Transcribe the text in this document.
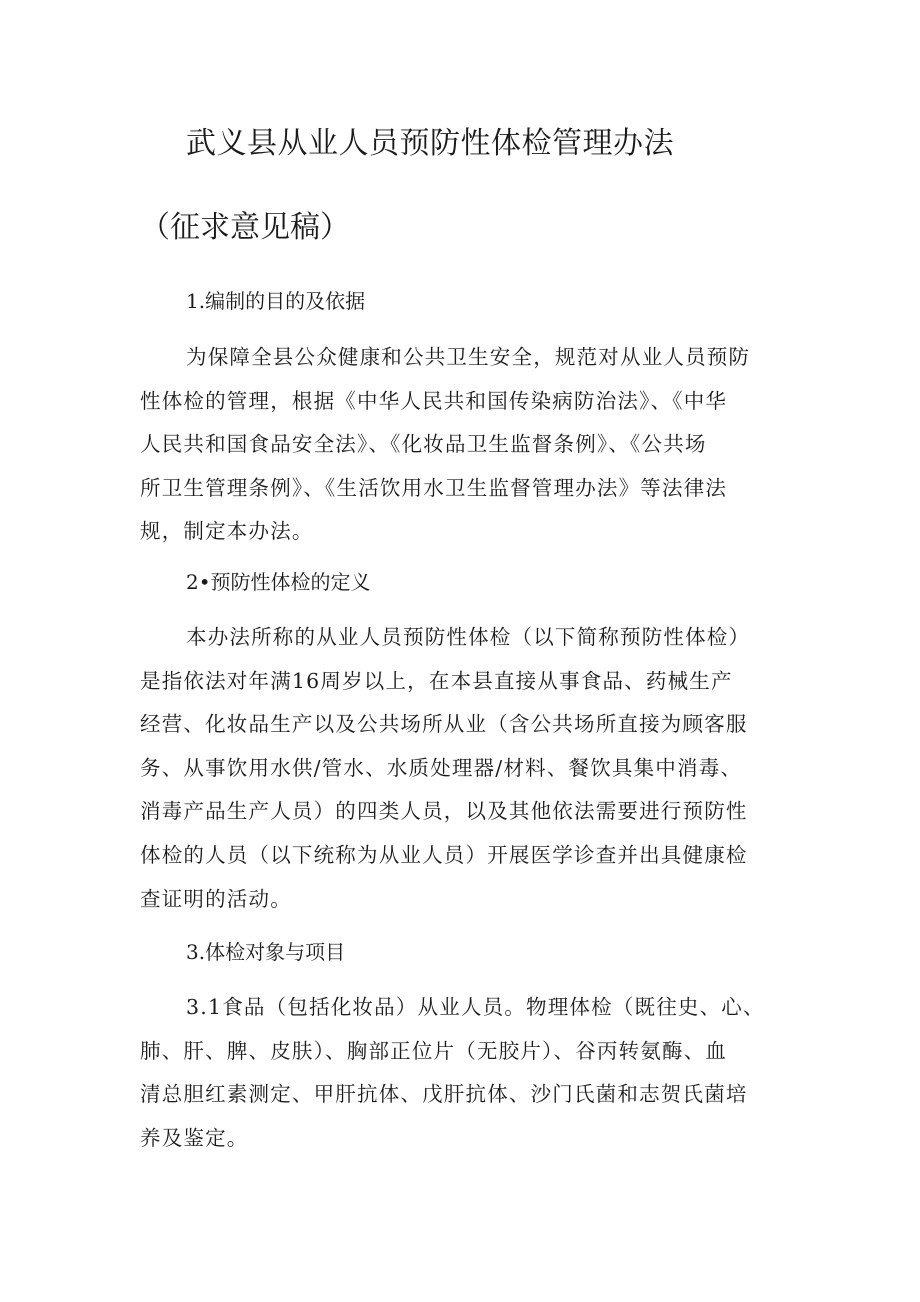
武义县从业人员预防性体检管理办法
（征求意见稿）
1.编制的目的及依据
为保障全县公众健康和公共卫生安全，规范对从业人员预防
性体检的管理，根据《中华人民共和国传染病防治法》、《中华
人民共和国食品安全法》、《化妆品卫生监督条例》、《公共场
所卫生管理条例》、《生活饮用水卫生监督管理办法》等法律法
规，制定本办法。
2•预防性体检的定义
本办法所称的从业人员预防性体检（以下简称预防性体检）
是指依法对年满16周岁以上，在本县直接从事食品、药械生产
经营、化妆品生产以及公共场所从业（含公共场所直接为顾客服
务、从事饮用水供/管水、水质处理器/材料、餐饮具集中消毒、
消毒产品生产人员）的四类人员，以及其他依法需要进行预防性
体检的人员（以下统称为从业人员）开展医学诊查并出具健康检
查证明的活动。
3.体检对象与项目
3.1食品（包括化妆品）从业人员。物理体检（既往史、心、
肺、肝、脾、皮肤）、胸部正位片（无胶片）、谷丙转氨酶、血
清总胆红素测定、甲肝抗体、戊肝抗体、沙门氏菌和志贺氏菌培
养及鉴定。
